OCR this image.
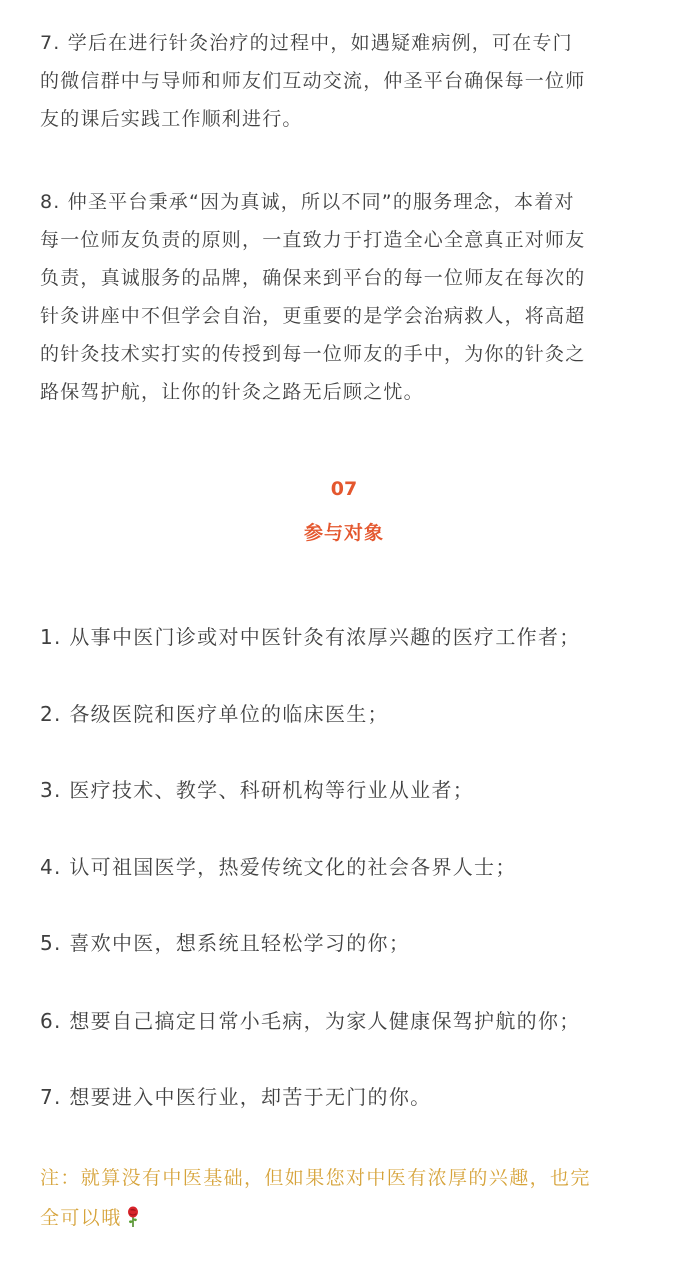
7. 学后在进行针灸治疗的过程中，如遇疑难病例，可在专门
的微信群中与导师和师友们互动交流，仲圣平台确保每一位师
友的课后实践工作顺利进行。

8. 仲圣平台秉承“因为真诚，所以不同”的服务理念，本着对
每一位师友负责的原则，一直致力于打造全心全意真正对师友
负责，真诚服务的品牌，确保来到平台的每一位师友在每次的
针灸讲座中不但学会自治，更重要的是学会治病救人，将高超
的针灸技术实打实的传授到每一位师友的手中，为你的针灸之
路保驾护航，让你的针灸之路无后顾之忧。

07

参与对象

1. 从事中医门诊或对中医针灸有浓厚兴趣的医疗工作者；

2. 各级医院和医疗单位的临床医生；

3. 医疗技术、教学、科研机构等行业从业者；

4. 认可祖国医学，热爱传统文化的社会各界人士；

5. 喜欢中医，想系统且轻松学习的你；

6. 想要自己搞定日常小毛病，为家人健康保驾护航的你；

7. 想要进入中医行业，却苦于无门的你。

注：就算没有中医基础，但如果您对中医有浓厚的兴趣，也完
全可以哦
